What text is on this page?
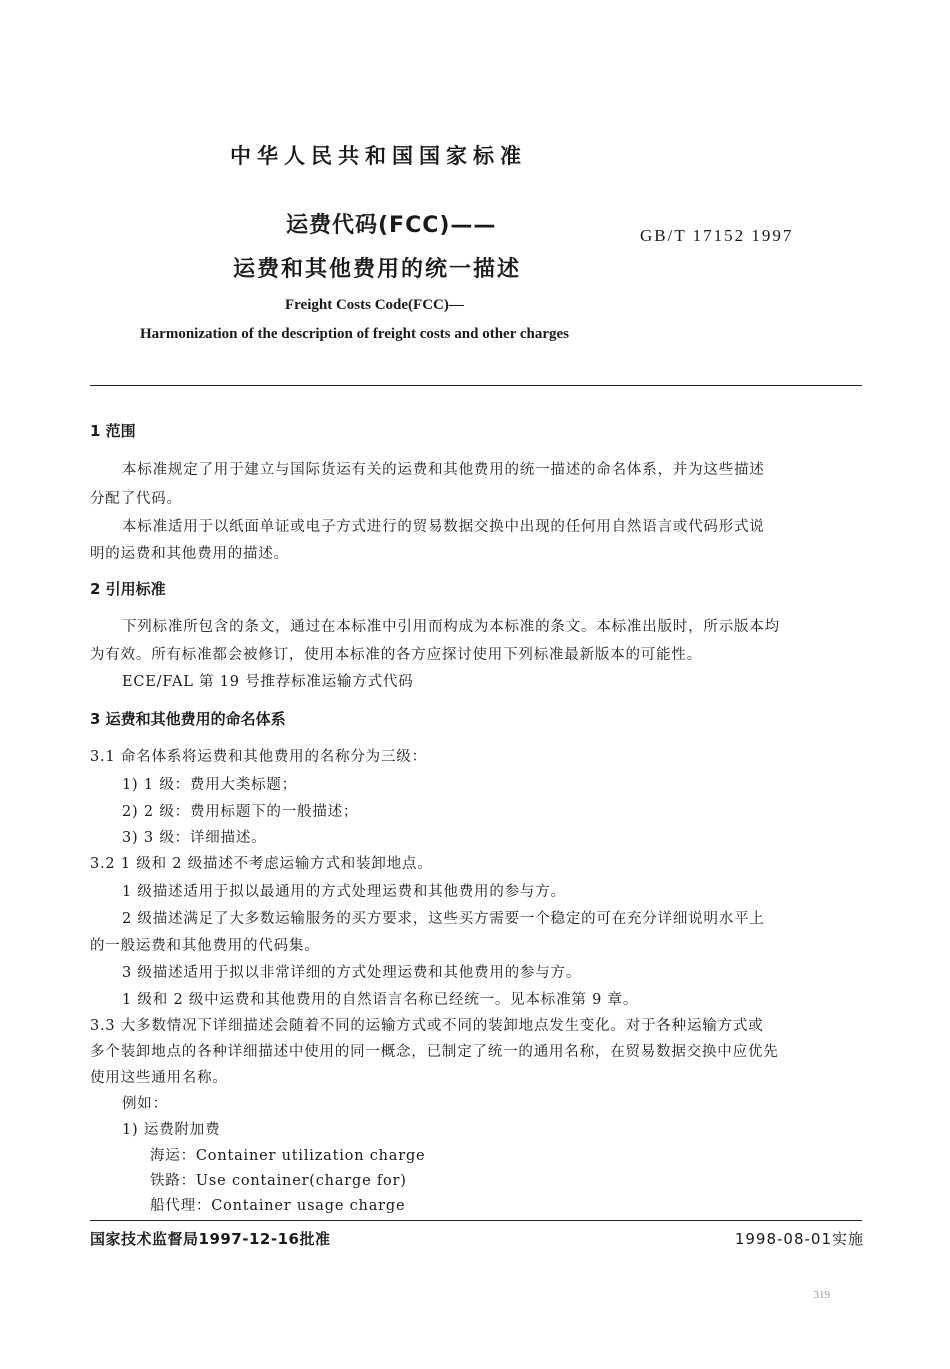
中华人民共和国国家标准
运费代码(FCC)——
运费和其他费用的统一描述
GB/T 17152 1997
Freight Costs Code(FCC)—
Harmonization of the description of freight costs and other charges
1 范围
本标准规定了用于建立与国际货运有关的运费和其他费用的统一描述的命名体系，并为这些描述
分配了代码。
本标准适用于以纸面单证或电子方式进行的贸易数据交换中出现的任何用自然语言或代码形式说
明的运费和其他费用的描述。
2 引用标准
下列标准所包含的条文，通过在本标准中引用而构成为本标准的条文。本标准出版时，所示版本均
为有效。所有标准都会被修订，使用本标准的各方应探讨使用下列标准最新版本的可能性。
ECE/FAL 第 19 号推荐标准运输方式代码
3 运费和其他费用的命名体系
3.1 命名体系将运费和其他费用的名称分为三级：
1) 1 级：费用大类标题；
2) 2 级：费用标题下的一般描述；
3) 3 级：详细描述。
3.2 1 级和 2 级描述不考虑运输方式和装卸地点。
1 级描述适用于拟以最通用的方式处理运费和其他费用的参与方。
2 级描述满足了大多数运输服务的买方要求，这些买方需要一个稳定的可在充分详细说明水平上
的一般运费和其他费用的代码集。
3 级描述适用于拟以非常详细的方式处理运费和其他费用的参与方。
1 级和 2 级中运费和其他费用的自然语言名称已经统一。见本标准第 9 章。
3.3 大多数情况下详细描述会随着不同的运输方式或不同的装卸地点发生变化。对于各种运输方式或
多个装卸地点的各种详细描述中使用的同一概念，已制定了统一的通用名称，在贸易数据交换中应优先
使用这些通用名称。
例如：
1) 运费附加费
海运：Container utilization charge
铁路：Use container(charge for)
船代理：Container usage charge
国家技术监督局1997-12-16批准	1998-08-01实施
319
